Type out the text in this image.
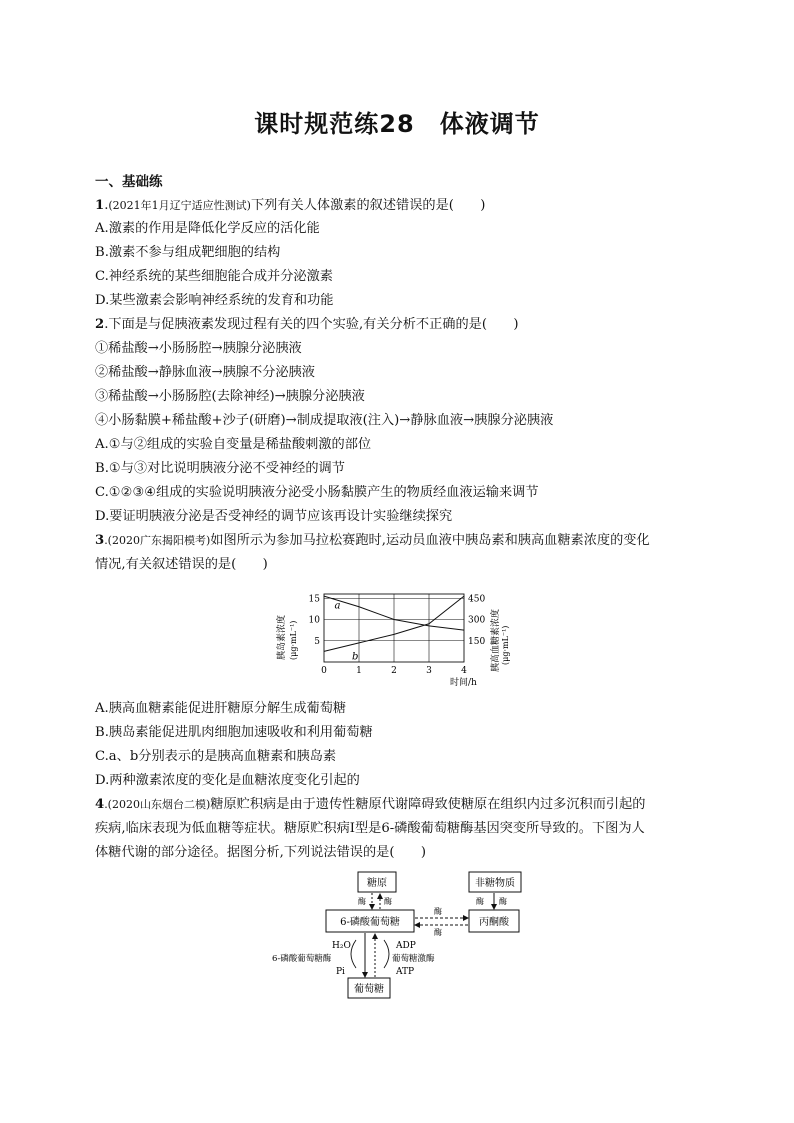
课时规范练28　体液调节
一、基础练
1.(2021年1月辽宁适应性测试)下列有关人体激素的叙述错误的是(　　)
A.激素的作用是降低化学反应的活化能
B.激素不参与组成靶细胞的结构
C.神经系统的某些细胞能合成并分泌激素
D.某些激素会影响神经系统的发育和功能
2.下面是与促胰液素发现过程有关的四个实验,有关分析不正确的是(　　)
①稀盐酸→小肠肠腔→胰腺分泌胰液
②稀盐酸→静脉血液→胰腺不分泌胰液
③稀盐酸→小肠肠腔(去除神经)→胰腺分泌胰液
④小肠黏膜+稀盐酸+沙子(研磨)→制成提取液(注入)→静脉血液→胰腺分泌胰液
A.①与②组成的实验自变量是稀盐酸刺激的部位
B.①与③对比说明胰液分泌不受神经的调节
C.①②③④组成的实验说明胰液分泌受小肠黏膜产生的物质经血液运输来调节
D.要证明胰液分泌是否受神经的调节应该再设计实验继续探究
3.(2020广东揭阳模考)如图所示为参加马拉松赛跑时,运动员血液中胰岛素和胰高血糖素浓度的变化
情况,有关叙述错误的是(　　)
a
b
0	1	2	3	4
5
10
15
150
300
450
时间/h
胰岛素浓度 (μg·mL⁻¹)	胰高血糖素浓度 (μg·mL⁻¹)
A.胰高血糖素能促进肝糖原分解生成葡萄糖
B.胰岛素能促进肌肉细胞加速吸收和利用葡萄糖
C.a、b分别表示的是胰高血糖素和胰岛素
D.两种激素浓度的变化是血糖浓度变化引起的
4.(2020山东烟台二模)糖原贮积病是由于遗传性糖原代谢障碍致使糖原在组织内过多沉积而引起的
疾病,临床表现为低血糖等症状。糖原贮积病Ⅰ型是6-磷酸葡萄糖酶基因突变所导致的。下图为人
体糖代谢的部分途径。据图分析,下列说法错误的是(　　)
糖原	非糖物质
6-磷酸葡萄糖	丙酮酸
葡萄糖
酶 酶	酶 酶
酶
酶
H₂O
6-磷酸葡萄糖酶
Pi
ADP
葡萄糖激酶
ATP
